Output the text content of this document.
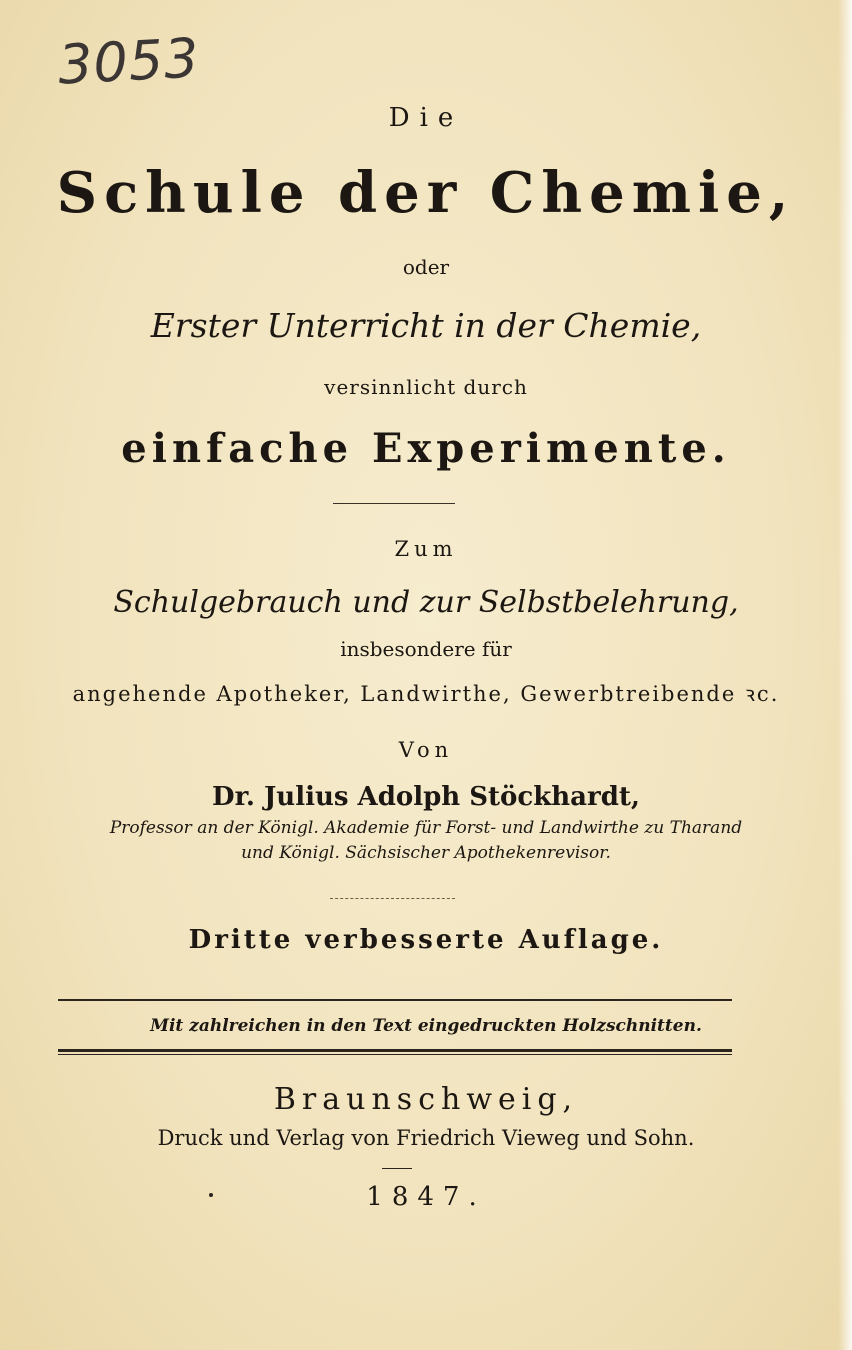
3053
Die
Schule der Chemie,
oder
Erster Unterricht in der Chemie,
versinnlicht durch
einfache Experimente.
Zum
Schulgebrauch und zur Selbstbelehrung,
insbesondere für
angehende Apotheker, Landwirthe, Gewerbtreibende ꝛc.
Von
Dr. Julius Adolph Stöckhardt,
Professor an der Königl. Akademie für Forst- und Landwirthe zu Tharand
und Königl. Sächsischer Apothekenrevisor.
Dritte verbesserte Auflage.
Mit zahlreichen in den Text eingedruckten Holzschnitten.
Braunschweig,
Druck und Verlag von Friedrich Vieweg und Sohn.
1847.
